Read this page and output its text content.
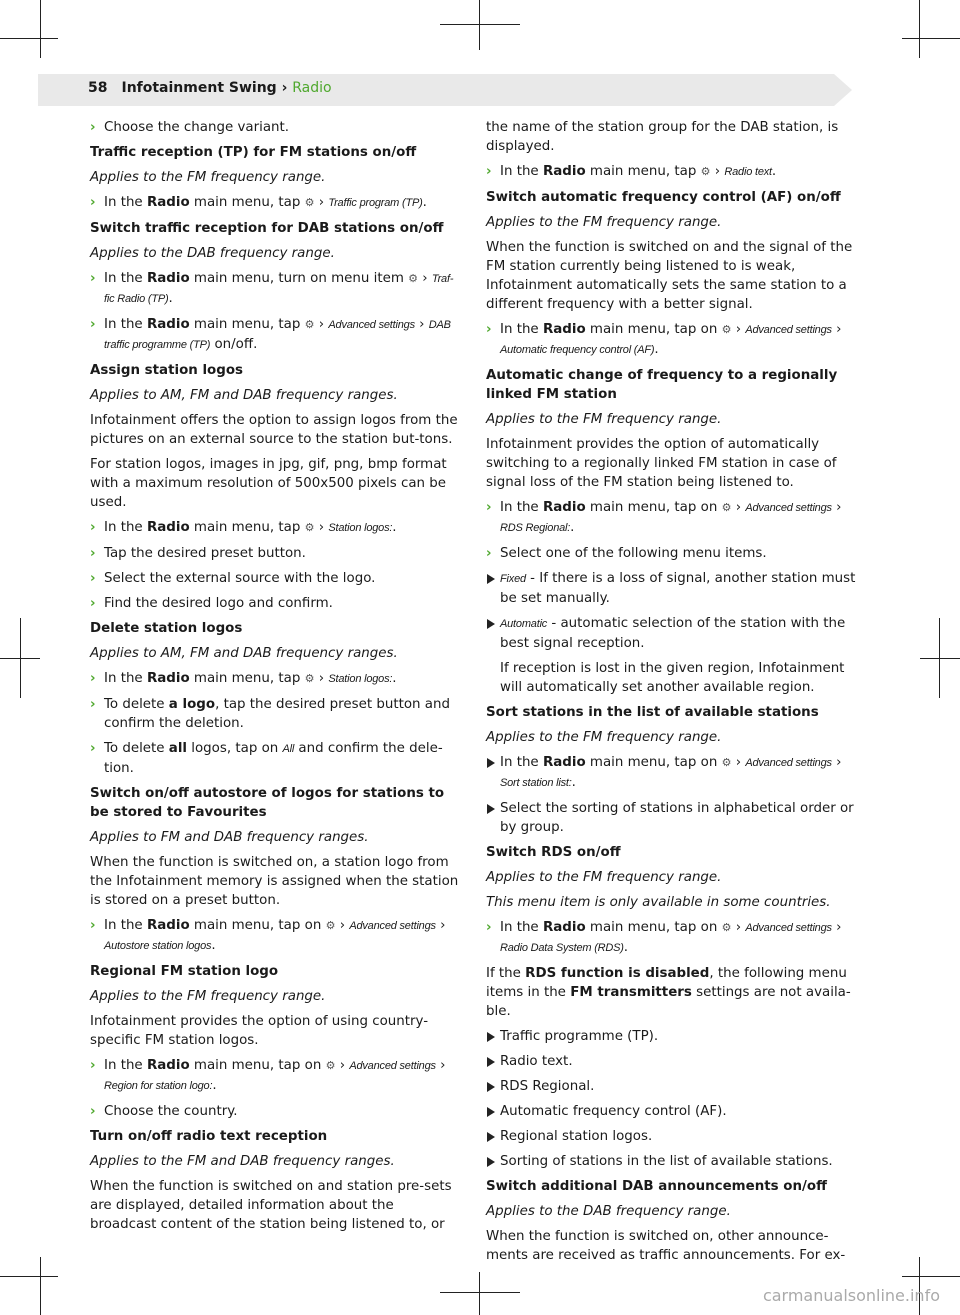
58 Infotainment Swing › Radio

› Choose the change variant.

Traffic reception (TP) for FM stations on/off

Applies to the FM frequency range.

› In the Radio main menu, tap ⚙ › Traffic program (TP).

Switch traffic reception for DAB stations on/off

Applies to the DAB frequency range.

› In the Radio main menu, turn on menu item ⚙ › Traf-fic Radio (TP).

› In the Radio main menu, tap ⚙ › Advanced settings › DAB traffic programme (TP) on/off.

Assign station logos

Applies to AM, FM and DAB frequency ranges.

Infotainment offers the option to assign logos from the pictures on an external source to the station but-tons.

For station logos, images in jpg, gif, png, bmp format with a maximum resolution of 500x500 pixels can be used.

› In the Radio main menu, tap ⚙ › Station logos:.

› Tap the desired preset button.

› Select the external source with the logo.

› Find the desired logo and confirm.

Delete station logos

Applies to AM, FM and DAB frequency ranges.

› In the Radio main menu, tap ⚙ › Station logos:.

› To delete a logo, tap the desired preset button and confirm the deletion.

› To delete all logos, tap on All and confirm the dele-tion.

Switch on/off autostore of logos for stations to be stored to Favourites

Applies to FM and DAB frequency ranges.

When the function is switched on, a station logo from the Infotainment memory is assigned when the station is stored on a preset button.

› In the Radio main menu, tap on ⚙ › Advanced settings › Autostore station logos.

Regional FM station logo

Applies to the FM frequency range.

Infotainment provides the option of using country-specific FM station logos.

› In the Radio main menu, tap on ⚙ › Advanced settings › Region for station logo:.

› Choose the country.

Turn on/off radio text reception

Applies to the FM and DAB frequency ranges.

When the function is switched on and station pre-sets are displayed, detailed information about the broadcast content of the station being listened to, or

the name of the station group for the DAB station, is displayed.

› In the Radio main menu, tap ⚙ › Radio text.

Switch automatic frequency control (AF) on/off

Applies to the FM frequency range.

When the function is switched on and the signal of the FM station currently being listened to is weak, Infotainment automatically sets the same station to a different frequency with a better signal.

› In the Radio main menu, tap on ⚙ › Advanced settings › Automatic frequency control (AF).

Automatic change of frequency to a regionally linked FM station

Applies to the FM frequency range.

Infotainment provides the option of automatically switching to a regionally linked FM station in case of signal loss of the FM station being listened to.

› In the Radio main menu, tap on ⚙ › Advanced settings › RDS Regional:.

› Select one of the following menu items.

Fixed - If there is a loss of signal, another station must be set manually.

Automatic - automatic selection of the station with the best signal reception.

If reception is lost in the given region, Infotainment will automatically set another available region.

Sort stations in the list of available stations

Applies to the FM frequency range.

In the Radio main menu, tap on ⚙ › Advanced settings › Sort station list:.

Select the sorting of stations in alphabetical order or by group.

Switch RDS on/off

Applies to the FM frequency range.

This menu item is only available in some countries.

› In the Radio main menu, tap on ⚙ › Advanced settings › Radio Data System (RDS).

If the RDS function is disabled, the following menu items in the FM transmitters settings are not availa-ble.

Traffic programme (TP).

Radio text.

RDS Regional.

Automatic frequency control (AF).

Regional station logos.

Sorting of stations in the list of available stations.

Switch additional DAB announcements on/off

Applies to the DAB frequency range.

When the function is switched on, other announce-ments are received as traffic announcements. For ex-

carmanualsonline.info
